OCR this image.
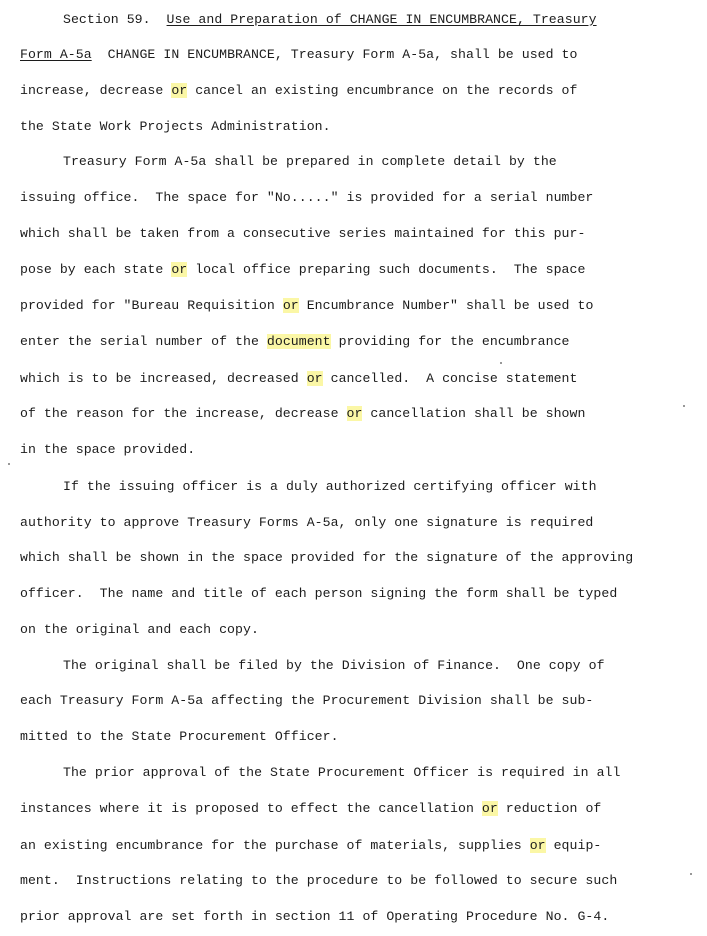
Section 59. Use and Preparation of CHANGE IN ENCUMBRANCE, Treasury
Form A-5a  CHANGE IN ENCUMBRANCE, Treasury Form A-5a, shall be used to
increase, decrease or cancel an existing encumbrance on the records of
the State Work Projects Administration.
Treasury Form A-5a shall be prepared in complete detail by the
issuing office.  The space for "No....." is provided for a serial number
which shall be taken from a consecutive series maintained for this pur-
pose by each state or local office preparing such documents.  The space
provided for "Bureau Requisition or Encumbrance Number" shall be used to
enter the serial number of the document providing for the encumbrance
which is to be increased, decreased or cancelled.  A concise statement
of the reason for the increase, decrease or cancellation shall be shown
in the space provided.
If the issuing officer is a duly authorized certifying officer with
authority to approve Treasury Forms A-5a, only one signature is required
which shall be shown in the space provided for the signature of the approving
officer.  The name and title of each person signing the form shall be typed
on the original and each copy.
The original shall be filed by the Division of Finance.  One copy of
each Treasury Form A-5a affecting the Procurement Division shall be sub-
mitted to the State Procurement Officer.
The prior approval of the State Procurement Officer is required in all
instances where it is proposed to effect the cancellation or reduction of
an existing encumbrance for the purchase of materials, supplies or equip-
ment.  Instructions relating to the procedure to be followed to secure such
prior approval are set forth in section 11 of Operating Procedure No. G-4.
